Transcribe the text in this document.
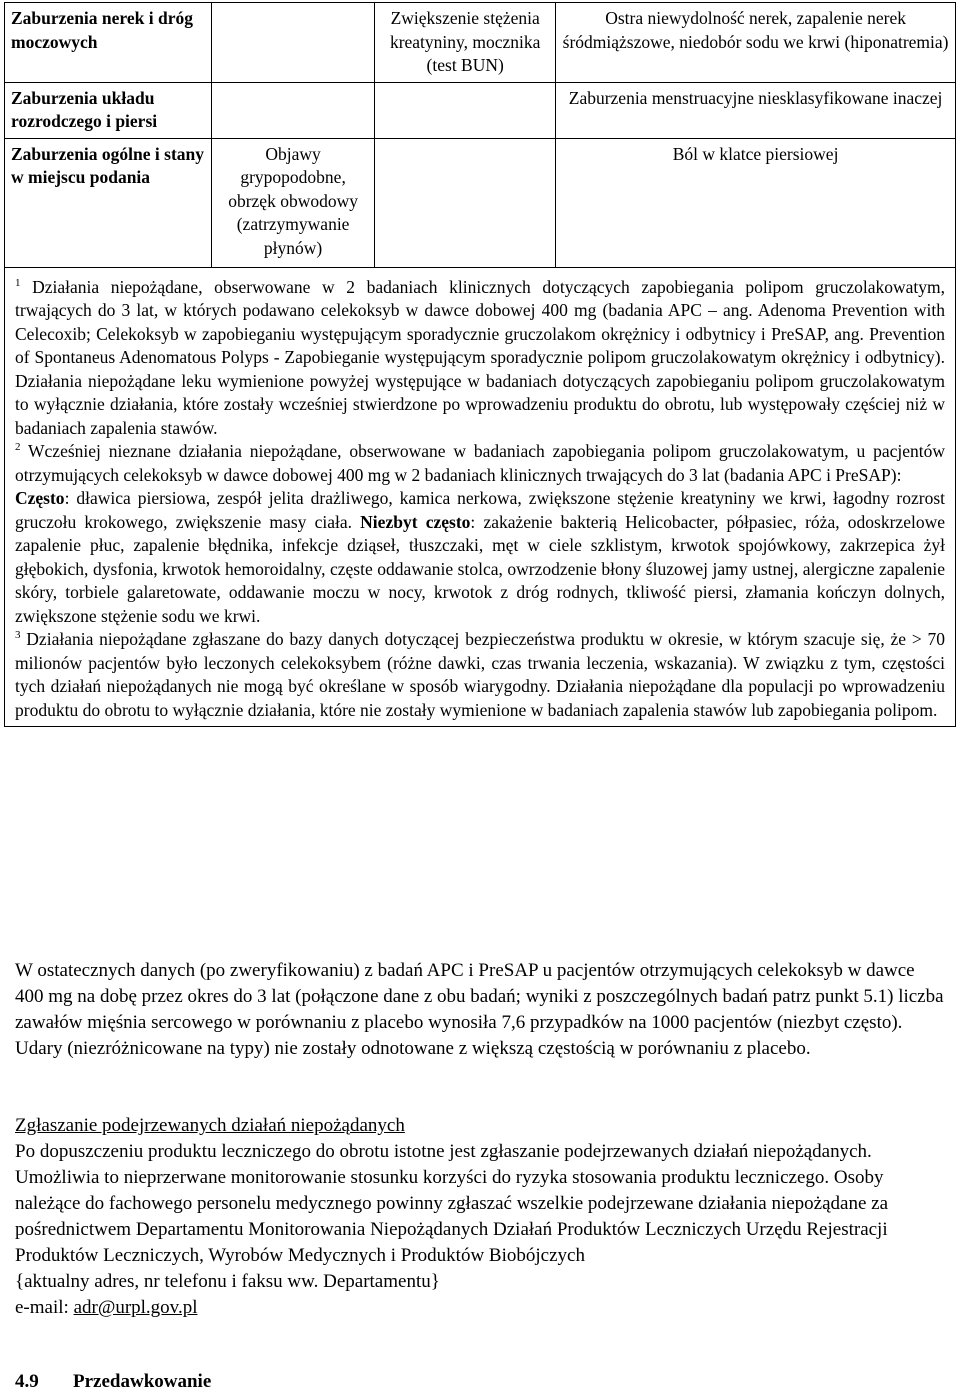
Zaburzenia nerek i dróg moczowych		Zwiększenie stężenia kreatyniny, mocznika (test BUN)	Ostra niewydolność nerek, zapalenie nerek śródmiąższowe, niedobór sodu we krwi (hiponatremia)
Zaburzenia układu rozrodczego i piersi			Zaburzenia menstruacyjne niesklasyfikowane inaczej
Zaburzenia ogólne i stany w miejscu podania	Objawy grypopodobne, obrzęk obwodowy (zatrzymywanie płynów)		Ból w klatce piersiowej

$^1$ Działania niepożądane, obserwowane w 2 badaniach klinicznych dotyczących zapobiegania polipom gruczolakowatym, trwających do 3 lat, w których podawano celekoksyb w dawce dobowej 400 mg (badania APC – ang. Adenoma Prevention with Celecoxib; Celekoksyb w zapobieganiu występującym sporadycznie gruczolakom okrężnicy i odbytnicy i PreSAP, ang. Prevention of Spontaneus Adenomatous Polyps - Zapobieganie występującym sporadycznie polipom gruczolakowatym okrężnicy i odbytnicy). Działania niepożądane leku wymienione powyżej występujące w badaniach dotyczących zapobieganiu polipom gruczolakowatym to wyłącznie działania, które zostały wcześniej stwierdzone po wprowadzeniu produktu do obrotu, lub występowały częściej niż w badaniach zapalenia stawów.

$^2$ Wcześniej nieznane działania niepożądane, obserwowane w badaniach zapobiegania polipom gruczolakowatym, u pacjentów otrzymujących celekoksyb w dawce dobowej 400 mg w 2 badaniach klinicznych trwających do 3 lat (badania APC i PreSAP):

Często: dławica piersiowa, zespół jelita drażliwego, kamica nerkowa, zwiększone stężenie kreatyniny we krwi, łagodny rozrost gruczołu krokowego, zwiększenie masy ciała. Niezbyt często: zakażenie bakterią Helicobacter, półpasiec, róża, odoskrzelowe zapalenie płuc, zapalenie błędnika, infekcje dziąseł, tłuszczaki, męt w ciele szklistym, krwotok spojówkowy, zakrzepica żył głębokich, dysfonia, krwotok hemoroidalny, częste oddawanie stolca, owrzodzenie błony śluzowej jamy ustnej, alergiczne zapalenie skóry, torbiele galaretowate, oddawanie moczu w nocy, krwotok z dróg rodnych, tkliwość piersi, złamania kończyn dolnych, zwiększone stężenie sodu we krwi.

$^3$ Działania niepożądane zgłaszane do bazy danych dotyczącej bezpieczeństwa produktu w okresie, w którym szacuje się, że > 70 milionów pacjentów było leczonych celekoksybem (różne dawki, czas trwania leczenia, wskazania). W związku z tym, częstości tych działań niepożądanych nie mogą być określane w sposób wiarygodny. Działania niepożądane dla populacji po wprowadzeniu produktu do obrotu to wyłącznie działania, które nie zostały wymienione w badaniach zapalenia stawów lub zapobiegania polipom.			

W ostatecznych danych (po zweryfikowaniu) z badań APC i PreSAP u pacjentów otrzymujących celekoksyb w dawce 400 mg na dobę przez okres do 3 lat (połączone dane z obu badań; wyniki z poszczególnych badań patrz punkt 5.1) liczba zawałów mięśnia sercowego w porównaniu z placebo wynosiła 7,6 przypadków na 1000 pacjentów (niezbyt często). Udary (niezróżnicowane na typy) nie zostały odnotowane z większą częstością w porównaniu z placebo.
Zgłaszanie podejrzewanych działań niepożądanych
Po dopuszczeniu produktu leczniczego do obrotu istotne jest zgłaszanie podejrzewanych działań niepożądanych. Umożliwia to nieprzerwane monitorowanie stosunku korzyści do ryzyka stosowania produktu leczniczego. Osoby należące do fachowego personelu medycznego powinny zgłaszać wszelkie podejrzewane działania niepożądane za pośrednictwem Departamentu Monitorowania Niepożądanych Działań Produktów Leczniczych Urzędu Rejestracji Produktów Leczniczych, Wyrobów Medycznych i Produktów Biobójczych
{aktualny adres, nr telefonu i faksu ww. Departamentu}
e-mail: adr@urpl.gov.pl
4.9 Przedawkowanie
